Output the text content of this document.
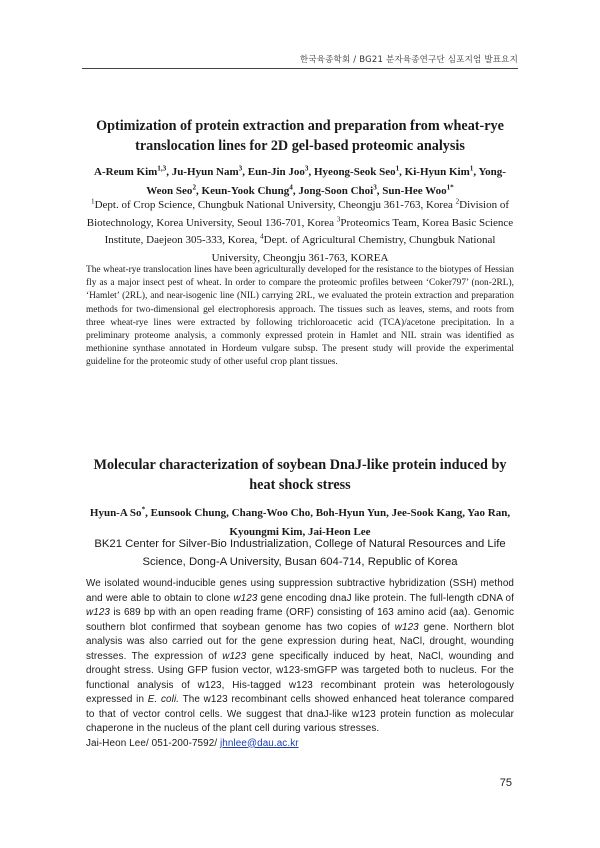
한국육종학회 / BG21 분자육종연구단 심포지엄 발표요지
Optimization of protein extraction and preparation from wheat-rye
translocation lines for 2D gel-based proteomic analysis
A-Reum Kim$^{1,3}$, Ju-Hyun Nam$^3$, Eun-Jin Joo$^3$, Hyeong-Seok Seo$^1$, Ki-Hyun Kim$^1$, Yong-Weon Seo$^2$, Keun-Yook Chung$^4$, Jong-Soon Choi$^3$, Sun-Hee Woo$^{1*}$
$^1$Dept. of Crop Science, Chungbuk National University, Cheongju 361-763, Korea $^2$Division of Biotechnology, Korea University, Seoul 136-701, Korea $^3$Proteomics Team, Korea Basic Science Institute, Daejeon 305-333, Korea, $^4$Dept. of Agricultural Chemistry, Chungbuk National University, Cheongju 361-763, KOREA
The wheat-rye translocation lines have been agriculturally developed for the resistance to the biotypes of Hessian fly as a major insect pest of wheat. In order to compare the proteomic profiles between ‘Coker797’ (non-2RL), ‘Hamlet’ (2RL), and near-isogenic line (NIL) carrying 2RL, we evaluated the protein extraction and preparation methods for two-dimensional gel electrophoresis approach. The tissues such as leaves, stems, and roots from three wheat-rye lines were extracted by following trichloroacetic acid (TCA)/acetone precipitation. In a preliminary proteome analysis, a commonly expressed protein in Hamlet and NIL strain was identified as methionine synthase annotated in Hordeum vulgare subsp. The present study will provide the experimental guideline for the proteomic study of other useful crop plant tissues.
Molecular characterization of soybean DnaJ-like protein induced by
heat shock stress
Hyun-A So*, Eunsook Chung, Chang-Woo Cho, Boh-Hyun Yun, Jee-Sook Kang, Yao Ran,
Kyoungmi Kim, Jai-Heon Lee
BK21 Center for Silver-Bio Industrialization, College of Natural Resources and Life
Science, Dong-A University, Busan 604-714, Republic of Korea
We isolated wound-inducible genes using suppression subtractive hybridization (SSH) method and were able to obtain to clone w123 gene encoding dnaJ like protein. The full-length cDNA of w123 is 689 bp with an open reading frame (ORF) consisting of 163 amino acid (aa). Genomic southern blot confirmed that soybean genome has two copies of w123 gene. Northern blot analysis was also carried out for the gene expression during heat, NaCl, drought, wounding stresses. The expression of w123 gene specifically induced by heat, NaCl, wounding and drought stress. Using GFP fusion vector, w123-smGFP was targeted both to nucleus. For the functional analysis of w123, His-tagged w123 recombinant protein was heterologously expressed in E. coli. The w123 recombinant cells showed enhanced heat tolerance compared to that of vector control cells. We suggest that dnaJ-like w123 protein function as molecular chaperone in the nucleus of the plant cell during various stresses.
Jai-Heon Lee/ 051-200-7592/ jhnlee@dau.ac.kr
75
